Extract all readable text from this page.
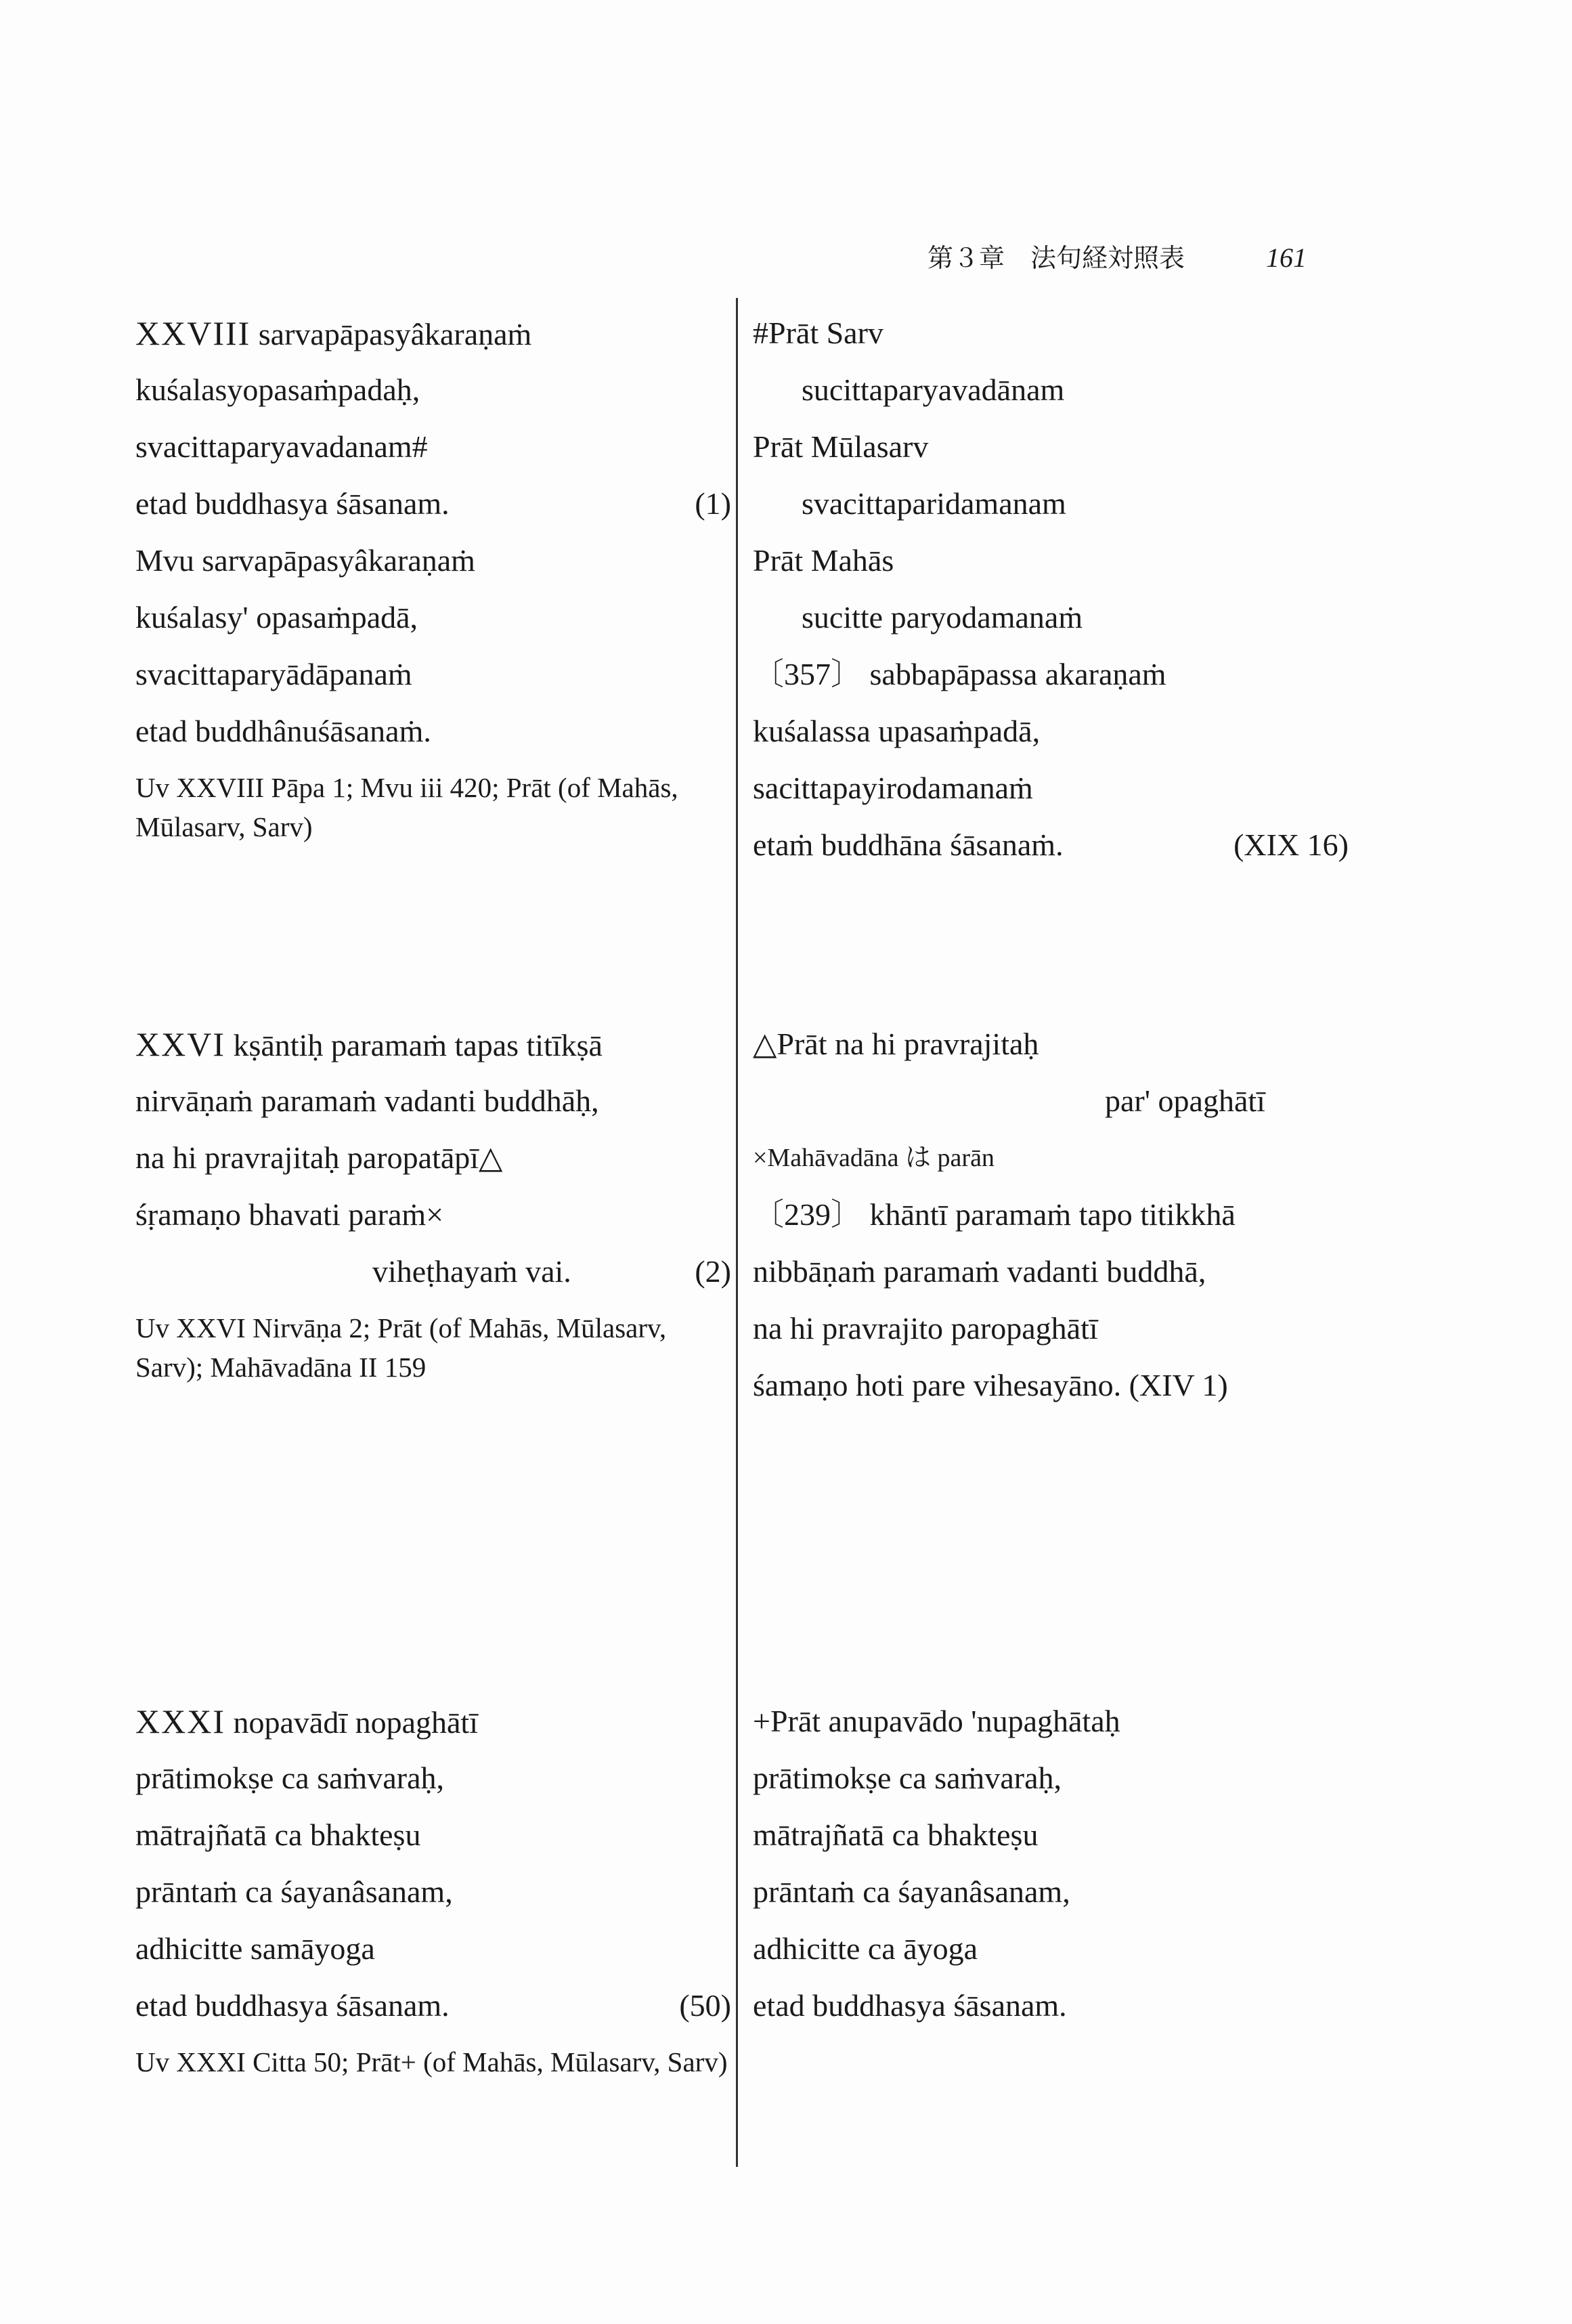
第３章　法句経対照表	161
XXVIII sarvapāpasyâkaraṇaṁ
kuśalasyopasaṁpadaḥ,
svacittaparyavadanam#
etad buddhasya śāsanam.	(1)
Mvu sarvapāpasyâkaraṇaṁ
kuśalasy' opasaṁpadā,
svacittaparyādāpanaṁ
etad buddhânuśāsanaṁ.
Uv XXVIII Pāpa 1; Mvu iii 420; Prāt (of Mahās, Mūlasarv, Sarv)
#Prāt Sarv
sucittaparyavadānam
Prāt Mūlasarv
svacittaparidamanam
Prāt Mahās
sucitte paryodamanaṁ
〔357〕 sabbapāpassa akaraṇaṁ
kuśalassa upasaṁpadā,
sacittapayirodamanaṁ
etaṁ buddhāna śāsanaṁ.	(XIX 16)
XXVI kṣāntiḥ paramaṁ tapas titīkṣā
nirvāṇaṁ paramaṁ vadanti buddhāḥ,
na hi pravrajitaḥ paropatāpī△
śṛamaṇo bhavati paraṁ×
viheṭhayaṁ vai.	(2)
Uv XXVI Nirvāṇa 2; Prāt (of Mahās, Mūlasarv, Sarv); Mahāvadāna II 159
△Prāt na hi pravrajitaḥ
par' opaghātī
×Mahāvadāna は parān
〔239〕 khāntī paramaṁ tapo titikkhā
nibbāṇaṁ paramaṁ vadanti buddhā,
na hi pravrajito paropaghātī
śamaṇo hoti pare vihesayāno. (XIV 1)
XXXI nopavādī nopaghātī
prātimokṣe ca saṁvaraḥ,
mātrajñatā ca bhakteṣu
prāntaṁ ca śayanâsanam,
adhicitte samāyoga
etad buddhasya śāsanam.	(50)
Uv XXXI Citta 50; Prāt+ (of Mahās, Mūlasarv, Sarv)
+Prāt anupavādo 'nupaghātaḥ
prātimokṣe ca saṁvaraḥ,
mātrajñatā ca bhakteṣu
prāntaṁ ca śayanâsanam,
adhicitte ca āyoga
etad buddhasya śāsanam.
